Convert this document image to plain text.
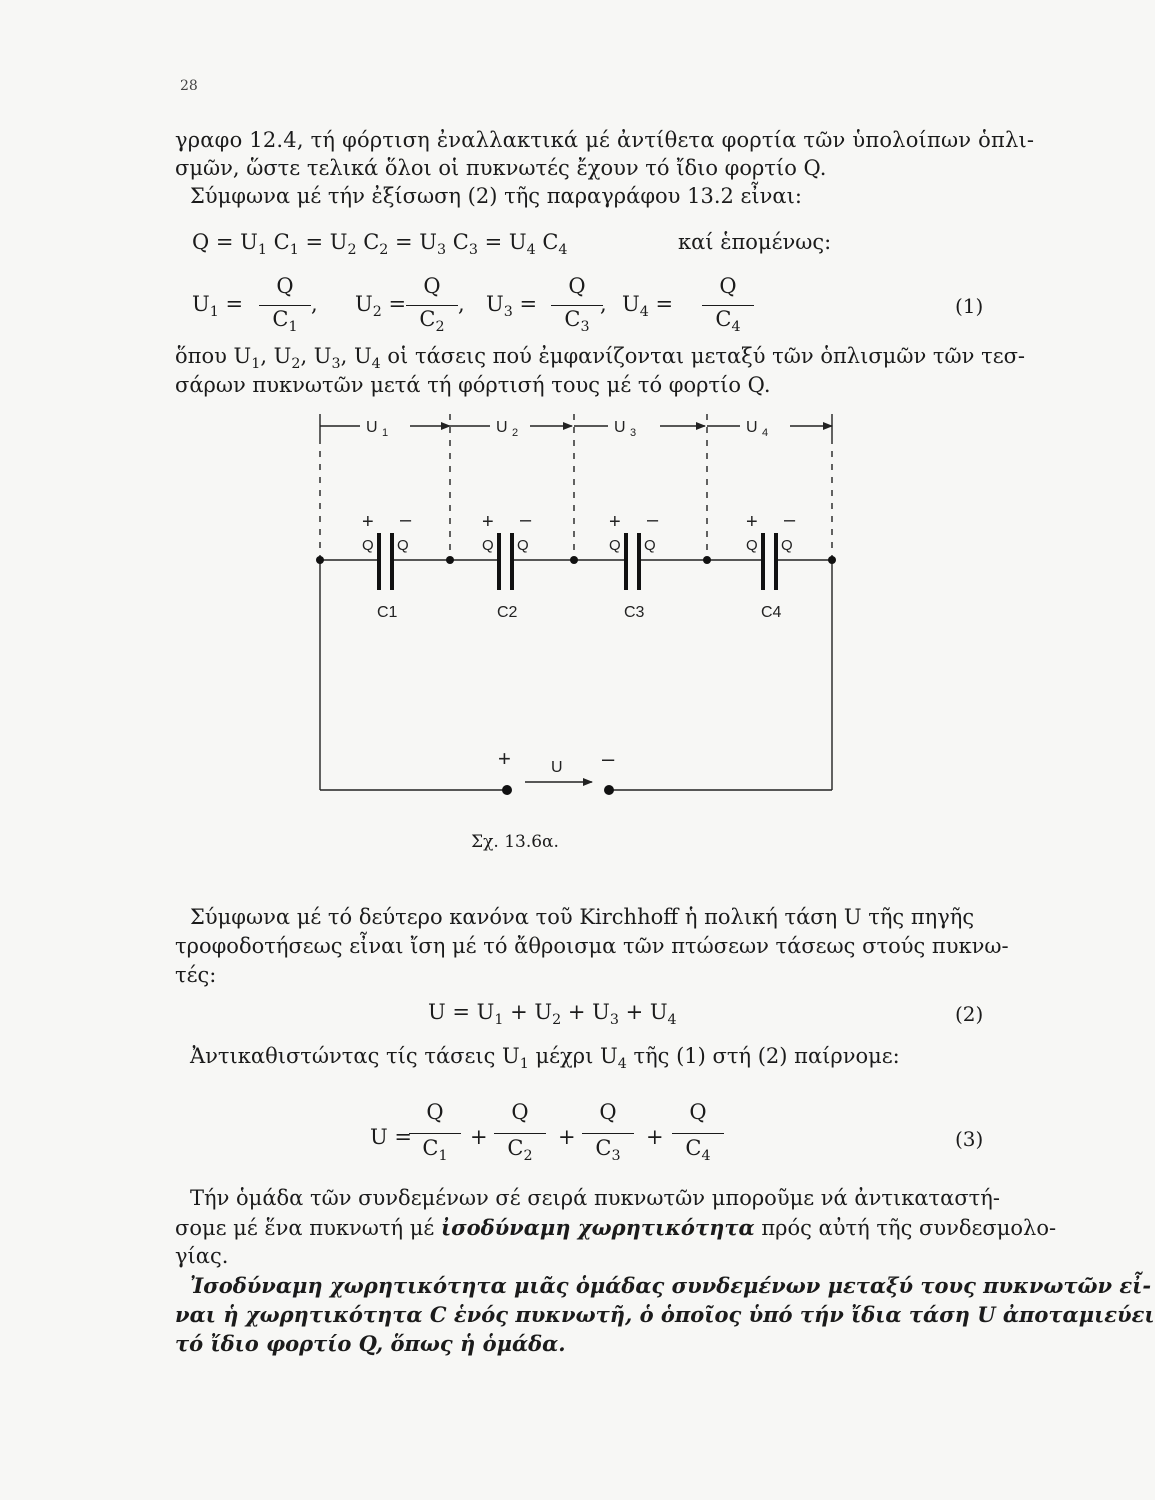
28
γραφο 12.4, τή φόρτιση ἐναλλακτικά μέ ἀντίθετα φορτία τῶν ὑπολοίπων ὁπλι-
σμῶν, ὥστε τελικά ὅλοι οἱ πυκνωτές ἔχουν τό ἴδιο φορτίο Q.
Σύμφωνα μέ τήν ἐξίσωση (2) τῆς παραγράφου 13.2 εἶναι:
$Q = U_1$ $C_1 = U_2$ $C_2 = U_3$ $C_3 = U_4$ $C_4$	καί ἑπομένως:
$U_1$ =
Q
$C_1$
, $U_2$ =
Q
$C_2$
, $U_3$ =
Q
$C_3$
, $U_4$ =
Q
$C_4$
(1)
ὅπου $U_1$, $U_2$, $U_3$, $U_4$ οἱ τάσεις πού ἐμφανίζονται μεταξύ τῶν ὁπλισμῶν τῶν τεσ-
σάρων πυκνωτῶν μετά τή φόρτισή τους μέ τό φορτίο Q.
U $_1$	U $_2$	U $_3$	U $_4$
+ –	+ –	+ –	+ –
Q Q	Q Q	Q Q	Q Q
C1	C2	C3	C4
+	–
U
Σχ. 13.6α.
Σύμφωνα μέ τό δεύτερο κανόνα τοῦ Kirchhoff ἡ πολική τάση U τῆς πηγῆς
τροφοδοτήσεως εἶναι ἴση μέ τό ἄθροισμα τῶν πτώσεων τάσεως στούς πυκνω-
τές:
$U = U_1 + U_2 + U_3 + U_4$	(2)
Ἀντικαθιστώντας τίς τάσεις $U_1$ μέχρι $U_4$ τῆς (1) στή (2) παίρνομε:
U =
Q
$C_1$
+
Q
$C_2$
+
Q
$C_3$
+
Q
$C_4$
(3)
Τήν ὁμάδα τῶν συνδεμένων σέ σειρά πυκνωτῶν μποροῦμε νά ἀντικαταστή-
σομε μέ ἕνα πυκνωτή μέ ἰσοδύναμη χωρητικότητα πρός αὐτή τῆς συνδεσμολο-
γίας.
Ἰσοδύναμη χωρητικότητα μιᾶς ὁμάδας συνδεμένων μεταξύ τους πυκνωτῶν εἶ-
ναι ἡ χωρητικότητα C ἑνός πυκνωτῆ, ὁ ὁποῖος ὑπό τήν ἴδια τάση U ἀποταμιεύει
τό ἴδιο φορτίο Q, ὅπως ἡ ὁμάδα.
